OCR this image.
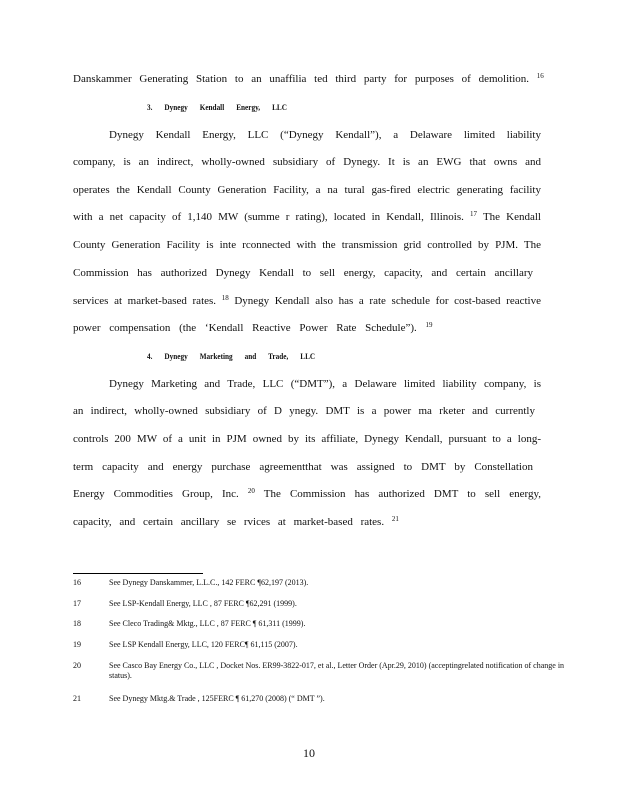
Danskammer Generating Station to an unaffilia ted third party for purposes of demolition. $^{16}$
3. Dynegy Kendall Energy, LLC
Dynegy Kendall Energy, LLC (“Dynegy Kendall”), a Delaware limited liability
company, is an indirect, wholly-owned subsidiary of Dynegy. It is an EWG that owns and
operates the Kendall County Generation Facility, a na tural gas-fired electric generating facility
with a net capacity of 1,140 MW (summe r rating), located in Kendall, Illinois. $^{17}$ The Kendall
County Generation Facility is inte rconnected with the transmission grid controlled by PJM. The
Commission has authorized Dynegy Kendall to sell energy, capacity, and certain ancillary
services at market-based rates. $^{18}$ Dynegy Kendall also has a rate schedule for cost-based reactive
power compensation (the ‘Kendall Reactive Power Rate Schedule”). $^{19}$
4. Dynegy Marketing and Trade, LLC
Dynegy Marketing and Trade, LLC (“DMT”), a Delaware limited liability company, is
an indirect, wholly-owned subsidiary of D ynegy. DMT is a power ma rketer and currently
controls 200 MW of a unit in PJM owned by its affiliate, Dynegy Kendall, pursuant to a long-
term capacity and energy purchase agreementthat was assigned to DMT by Constellation
Energy Commodities Group, Inc. $^{20}$ The Commission has authorized DMT to sell energy,
capacity, and certain ancillary se rvices at market-based rates. $^{21}$
16	See Dynegy Danskammer, L.L.C., 142 FERC ¶62,197 (2013).
17	See LSP-Kendall Energy, LLC , 87 FERC ¶62,291 (1999).
18	See Cleco Trading& Mktg., LLC , 87 FERC ¶ 61,311 (1999).
19	See LSP Kendall Energy, LLC, 120 FERC¶ 61,115 (2007).
20	See Casco Bay Energy Co., LLC , Docket Nos. ER99-3822-017, et al., Letter Order (Apr.29, 2010) (acceptingrelated notification of change in status).
21	See Dynegy Mktg.& Trade , 125FERC ¶ 61,270 (2008) (“ DMT ”).
10
